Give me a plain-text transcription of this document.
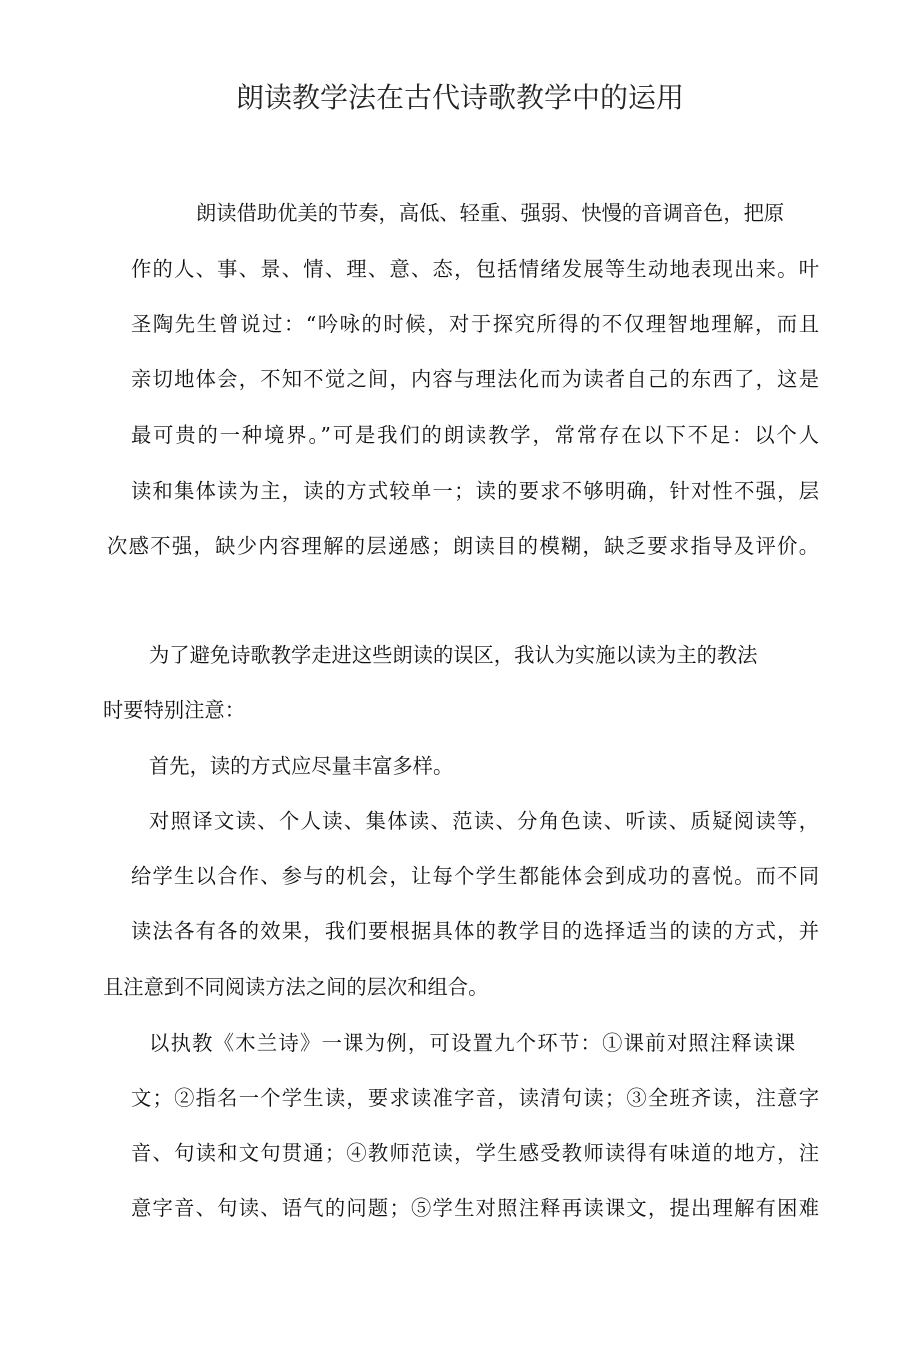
朗读教学法在古代诗歌教学中的运用
朗读借助优美的节奏，高低、轻重、强弱、快慢的音调音色，把原
作的人、事、景、情、理、意、态，包括情绪发展等生动地表现出来。叶
圣陶先生曾说过：“吟咏的时候，对于探究所得的不仅理智地理解，而且
亲切地体会，不知不觉之间，内容与理法化而为读者自己的东西了，这是
最可贵的一种境界。”可是我们的朗读教学，常常存在以下不足：以个人
读和集体读为主，读的方式较单一；读的要求不够明确，针对性不强，层
次感不强，缺少内容理解的层递感；朗读目的模糊，缺乏要求指导及评价。
为了避免诗歌教学走进这些朗读的误区，我认为实施以读为主的教法
时要特别注意：
首先，读的方式应尽量丰富多样。
对照译文读、个人读、集体读、范读、分角色读、听读、质疑阅读等，
给学生以合作、参与的机会，让每个学生都能体会到成功的喜悦。而不同
读法各有各的效果，我们要根据具体的教学目的选择适当的读的方式，并
且注意到不同阅读方法之间的层次和组合。
以执教《木兰诗》一课为例，可设置九个环节：①课前对照注释读课
文；②指名一个学生读，要求读准字音，读清句读；③全班齐读，注意字
音、句读和文句贯通；④教师范读，学生感受教师读得有味道的地方，注
意字音、句读、语气的问题；⑤学生对照注释再读课文，提出理解有困难
